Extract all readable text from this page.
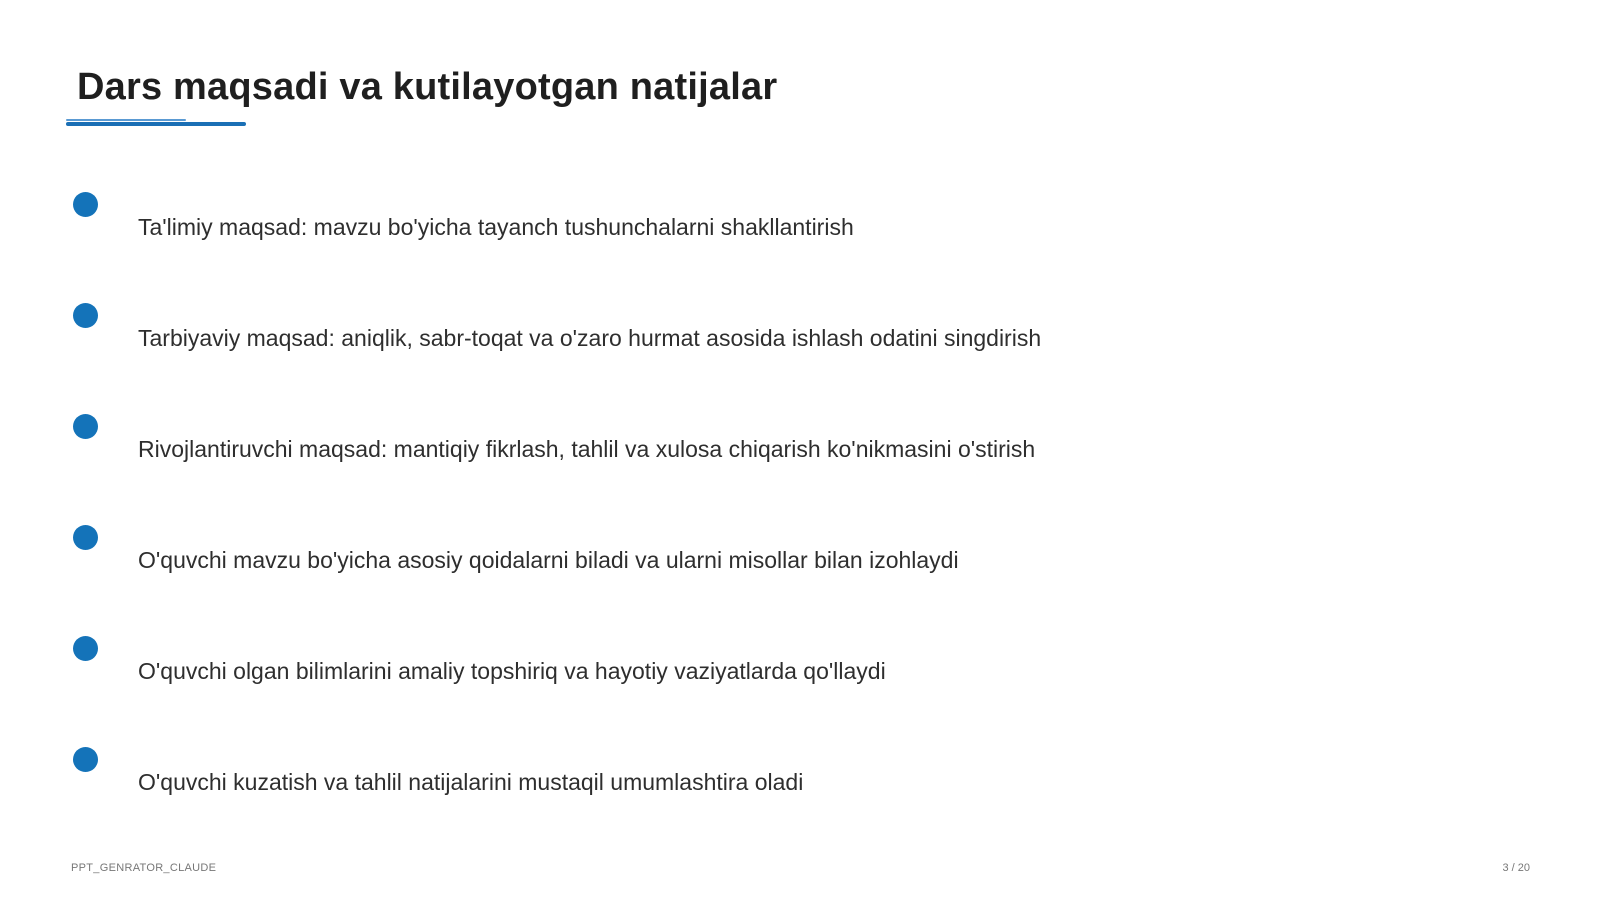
Dars maqsadi va kutilayotgan natijalar
Ta'limiy maqsad: mavzu bo'yicha tayanch tushunchalarni shakllantirish
Tarbiyaviy maqsad: aniqlik, sabr-toqat va o'zaro hurmat asosida ishlash odatini singdirish
Rivojlantiruvchi maqsad: mantiqiy fikrlash, tahlil va xulosa chiqarish ko'nikmasini o'stirish
O'quvchi mavzu bo'yicha asosiy qoidalarni biladi va ularni misollar bilan izohlaydi
O'quvchi olgan bilimlarini amaliy topshiriq va hayotiy vaziyatlarda qo'llaydi
O'quvchi kuzatish va tahlil natijalarini mustaqil umumlashtira oladi
PPT_GENRATOR_CLAUDE	3 / 20
